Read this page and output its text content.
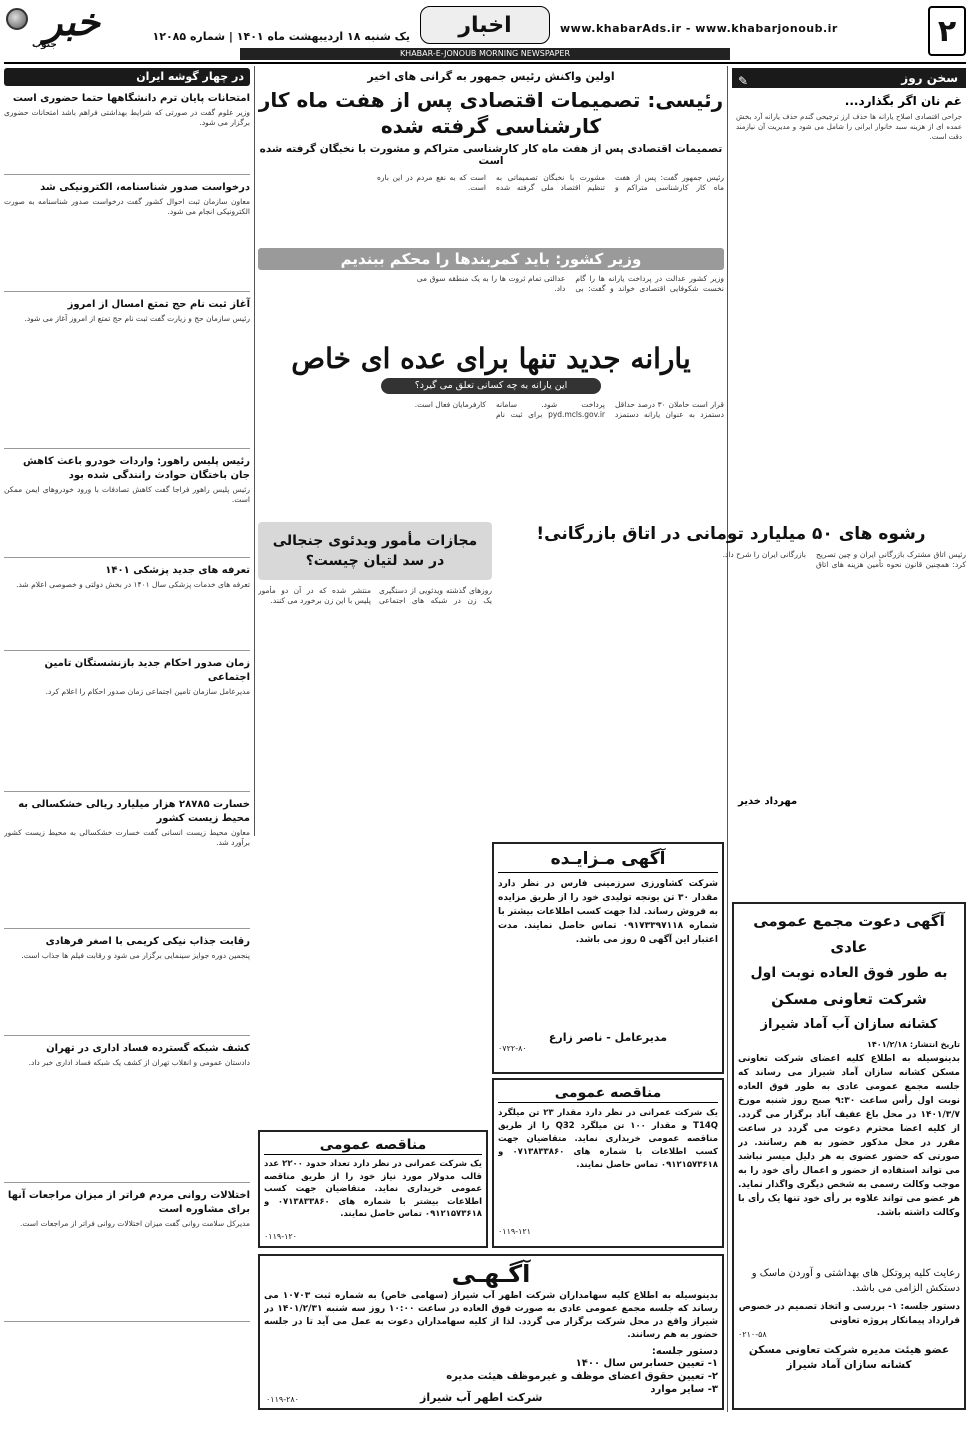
۲
www.khabarAds.ir - www.khabarjonoub.ir
اخبار
یک شنبه ۱۸ اردیبهشت ماه ۱۴۰۱ | شماره ۱۲۰۸۵
خبر
جنوب
KHABAR-E-JONOUB MORNING NEWSPAPER
سخن روز
✎
غم نان اگر بگذارد...
جراحی اقتصادی اصلاح یارانه ها حذف ارز ترجیحی گندم حذف یارانه آرد بخش عمده ای از هزینه سبد خانوار ایرانی را شامل می شود و مدیریت آن نیازمند دقت است.
مهرداد خدیر
اولین واکنش رئیس جمهور به گرانی های اخیر
رئیسی: تصمیمات اقتصادی پس از هفت ماه کار کارشناسی گرفته شده
تصمیمات اقتصادی پس از هفت ماه کار کارشناسی متراکم و مشورت با نخبگان گرفته شده است
رئیس جمهور گفت: پس از هفت ماه کار کارشناسی متراکم و مشورت با نخبگان تصمیماتی به تنظیم اقتصاد ملی گرفته شده است که به نفع مردم در این باره است.
وزیر کشور: باید کمربندها را محکم ببندیم
وزیر کشور عدالت در پرداخت یارانه ها را گام نخست شکوفایی اقتصادی خواند و گفت: بی عدالتی تمام ثروت ها را به یک منطقه سوق می داد.
یارانه جدید تنها برای عده ای خاص
این یارانه به چه کسانی تعلق می گیرد؟
قرار است حاملان ۳۰ درصد حداقل دستمزد به عنوان یارانه دستمزد پرداخت شود. سامانه pyd.mcls.gov.ir برای ثبت نام کارفرمایان فعال است.
مجازات مأمور ویدئوی جنجالی در سد لتیان چیست؟
روزهای گذشته ویدئویی از دستگیری یک زن در شبکه های اجتماعی منتشر شده که در آن دو مأمور پلیس با این زن برخورد می کنند.
رشوه های ۵۰ میلیارد تومانی در اتاق بازرگانی!
رئیس اتاق مشترک بازرگانی ایران و چین تصریح کرد: همچنین قانون نحوه تأمین هزینه های اتاق بازرگانی ایران را شرح داد.
در چهار گوشه ایران
امتحانات پایان ترم دانشگاهها حتما حضوری است
وزیر علوم گفت در صورتی که شرایط بهداشتی فراهم باشد امتحانات حضوری برگزار می شود.
درخواست صدور شناسنامه، الکترونیکی شد
معاون سازمان ثبت احوال کشور گفت درخواست صدور شناسنامه به صورت الکترونیکی انجام می شود.
آغاز ثبت نام حج تمتع امسال از امروز
رئیس سازمان حج و زیارت گفت ثبت نام حج تمتع از امروز آغاز می شود.
رئیس پلیس راهور: واردات خودرو باعث کاهش جان باختگان حوادث رانندگی شده بود
رئیس پلیس راهور فراجا گفت کاهش تصادفات با ورود خودروهای ایمن ممکن است.
تعرفه های جدید پزشکی ۱۴۰۱
تعرفه های خدمات پزشکی سال ۱۴۰۱ در بخش دولتی و خصوصی اعلام شد.
زمان صدور احکام جدید بازنشستگان تامین اجتماعی
مدیرعامل سازمان تامین اجتماعی زمان صدور احکام را اعلام کرد.
خسارت ۲۸۷۸۵ هزار میلیارد ریالی خشکسالی به محیط زیست کشور
معاون محیط زیست انسانی گفت خسارت خشکسالی به محیط زیست کشور برآورد شد.
رقابت جذاب نیکی کریمی با اصغر فرهادی
پنجمین دوره جوایز سینمایی برگزار می شود و رقابت فیلم ها جذاب است.
کشف شبکه گسترده فساد اداری در تهران
دادستان عمومی و انقلاب تهران از کشف یک شبکه فساد اداری خبر داد.
اختلالات روانی مردم فراتر از میزان مراجعات آنها برای مشاوره است
مدیرکل سلامت روانی گفت میزان اختلالات روانی فراتر از مراجعات است.
آگهی مـزایـده
شرکت کشاورزی سرزمینی فارس در نظر دارد مقدار ۳۰ تن یونجه تولیدی خود را از طریق مزایده به فروش رساند. لذا جهت کسب اطلاعات بیشتر با شماره ۰۹۱۷۳۳۹۷۱۱۸ تماس حاصل نمایند. مدت اعتبار این آگهی ۵ روز می باشد.
مدیرعامل - ناصر زارع
۰۷۲۲-۸۰
مناقصه عمومی
یک شرکت عمرانی در نظر دارد مقدار ۲۳ تن میلگرد T14Q و مقدار ۱۰۰ تن میلگرد Q32 را از طریق مناقصه عمومی خریداری نماید. متقاضیان جهت کسب اطلاعات با شماره های ۰۷۱۳۸۳۳۸۶۰ و ۰۹۱۲۱۵۷۳۶۱۸ تماس حاصل نمایند.
۰۱۱۹-۱۲۱
مناقصه عمومی
یک شرکت عمرانی در نظر دارد تعداد حدود ۲۲۰۰ عدد قالب مدولار مورد نیاز خود را از طریق مناقصه عمومی خریداری نماید. متقاضیان جهت کسب اطلاعات بیشتر با شماره های ۰۷۱۳۸۳۳۸۶۰ و ۰۹۱۲۱۵۷۳۶۱۸ تماس حاصل نمایند.
۰۱۱۹-۱۲۰
آگهی دعوت مجمع عمومی عادی
به طور فوق العاده نوبت اول
شرکت تعاونی مسکن
کشانه سازان آب آماد شیراز
تاریخ انتشار: ۱۴۰۱/۲/۱۸
بدینوسیله به اطلاع کلیه اعضای شرکت تعاونی مسکن کشانه سازان آماد شیراز می رساند که جلسه مجمع عمومی عادی به طور فوق العاده نوبت اول رأس ساعت ۹:۳۰ صبح روز شنبه مورخ ۱۴۰۱/۳/۷ در محل باغ عفیف آباد برگزار می گردد. از کلیه اعضا محترم دعوت می گردد در ساعت مقرر در محل مذکور حضور به هم رسانند. در صورتی که حضور عضوی به هر دلیل میسر نباشد می تواند استفاده از حضور و اعمال رأی خود را به موجب وکالت رسمی به شخص دیگری واگذار نماید. هر عضو می تواند علاوه بر رأی خود تنها یک رأی با وکالت داشته باشد.
رعایت کلیه پروتکل های بهداشتی و آوردن ماسک و دستکش الزامی می باشد.
دستور جلسه: ۱- بررسی و اتخاذ تصمیم در خصوص قرارداد پیمانکار پروژه تعاونی
۰۲۱۰-۵۸
عضو هیئت مدیره شرکت تعاونی مسکن کشانه سازان آماد شیراز
آگـهـی
بدینوسیله به اطلاع کلیه سهامداران شرکت اطهر آب شیراز (سهامی خاص) به شماره ثبت ۱۰۷۰۳ می رساند که جلسه مجمع عمومی عادی به صورت فوق العاده در ساعت ۱۰:۰۰ روز سه شنبه ۱۴۰۱/۲/۳۱ در شیراز واقع در محل شرکت برگزار می گردد. لذا از کلیه سهامداران دعوت به عمل می آید تا در جلسه حضور به هم رسانند.
دستور جلسه:
۱- تعیین حسابرس سال ۱۴۰۰
۲- تعیین حقوق اعضای موظف و غیرموظف هیئت مدیره
۳- سایر موارد
شرکت اطهر آب شیراز
۰۱۱۹-۲۸۰
